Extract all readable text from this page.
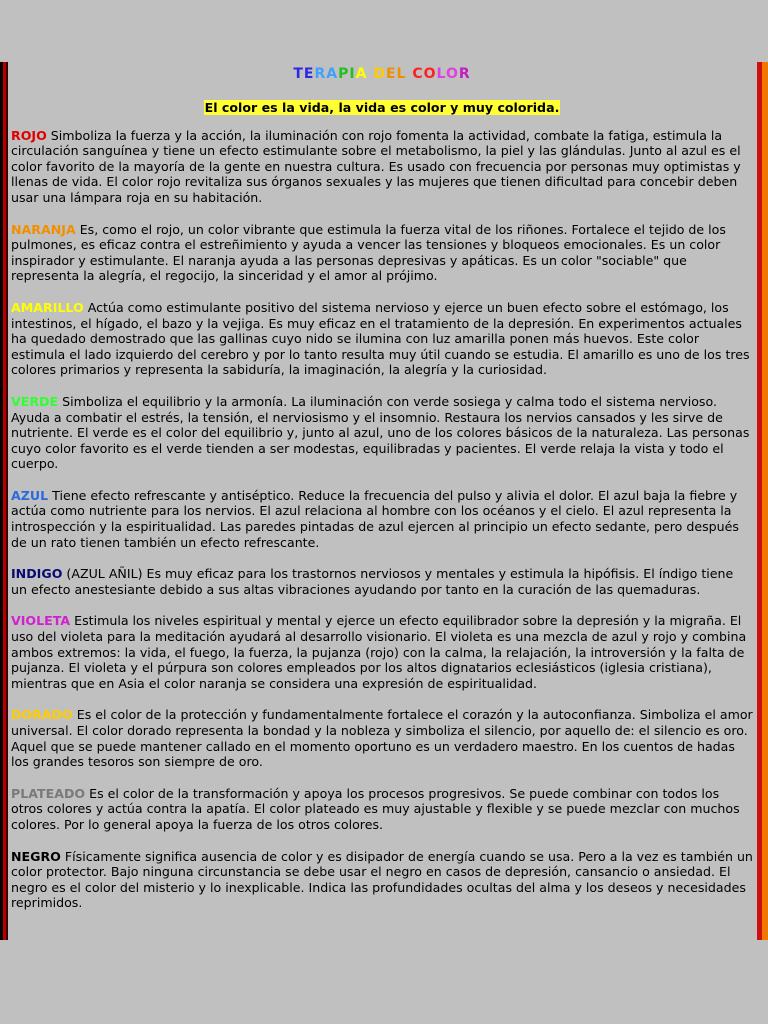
TERAPIA DEL COLOR
El color es la vida, la vida es color y muy colorida.

ROJO Simboliza la fuerza y la acción, la iluminación con rojo fomenta la actividad, combate la fatiga, estimula la circulación sanguínea y tiene un efecto estimulante sobre el metabolismo, la piel y las glándulas. Junto al azul es el color favorito de la mayoría de la gente en nuestra cultura. Es usado con frecuencia por personas muy optimistas y llenas de vida. El color rojo revitaliza sus órganos sexuales y las mujeres que tienen dificultad para concebir deben usar una lámpara roja en su habitación.

NARANJA Es, como el rojo, un color vibrante que estimula la fuerza vital de los riñones. Fortalece el tejido de los pulmones, es eficaz contra el estreñimiento y ayuda a vencer las tensiones y bloqueos emocionales. Es un color inspirador y estimulante. El naranja ayuda a las personas depresivas y apáticas. Es un color "sociable" que representa la alegría, el regocijo, la sinceridad y el amor al prójimo.

AMARILLO Actúa como estimulante positivo del sistema nervioso y ejerce un buen efecto sobre el estómago, los intestinos, el hígado, el bazo y la vejiga. Es muy eficaz en el tratamiento de la depresión. En experimentos actuales ha quedado demostrado que las gallinas cuyo nido se ilumina con luz amarilla ponen más huevos. Este color estimula el lado izquierdo del cerebro y por lo tanto resulta muy útil cuando se estudia. El amarillo es uno de los tres colores primarios y representa la sabiduría, la imaginación, la alegría y la curiosidad.

VERDE Simboliza el equilibrio y la armonía. La iluminación con verde sosiega y calma todo el sistema nervioso. Ayuda a combatir el estrés, la tensión, el nerviosismo y el insomnio. Restaura los nervios cansados y les sirve de nutriente. El verde es el color del equilibrio y, junto al azul, uno de los colores básicos de la naturaleza. Las personas cuyo color favorito es el verde tienden a ser modestas, equilibradas y pacientes. El verde relaja la vista y todo el cuerpo.

AZUL Tiene efecto refrescante y antiséptico. Reduce la frecuencia del pulso y alivia el dolor. El azul baja la fiebre y actúa como nutriente para los nervios. El azul relaciona al hombre con los océanos y el cielo. El azul representa la introspección y la espiritualidad. Las paredes pintadas de azul ejercen al principio un efecto sedante, pero después de un rato tienen también un efecto refrescante.

INDIGO (AZUL AÑIL) Es muy eficaz para los trastornos nerviosos y mentales y estimula la hipófisis. El índigo tiene un efecto anestesiante debido a sus altas vibraciones ayudando por tanto en la curación de las quemaduras.

VIOLETA Estimula los niveles espiritual y mental y ejerce un efecto equilibrador sobre la depresión y la migraña. El uso del violeta para la meditación ayudará al desarrollo visionario. El violeta es una mezcla de azul y rojo y combina ambos extremos: la vida, el fuego, la fuerza, la pujanza (rojo) con la calma, la relajación, la introversión y la falta de pujanza. El violeta y el púrpura son colores empleados por los altos dignatarios eclesiásticos (iglesia cristiana), mientras que en Asia el color naranja se considera una expresión de espiritualidad.

DORADO Es el color de la protección y fundamentalmente fortalece el corazón y la autoconfianza. Simboliza el amor universal. El color dorado representa la bondad y la nobleza y simboliza el silencio, por aquello de: el silencio es oro. Aquel que se puede mantener callado en el momento oportuno es un verdadero maestro. En los cuentos de hadas los grandes tesoros son siempre de oro.

PLATEADO Es el color de la transformación y apoya los procesos progresivos. Se puede combinar con todos los otros colores y actúa contra la apatía. El color plateado es muy ajustable y flexible y se puede mezclar con muchos colores. Por lo general apoya la fuerza de los otros colores.

NEGRO Físicamente significa ausencia de color y es disipador de energía cuando se usa. Pero a la vez es también un color protector. Bajo ninguna circunstancia se debe usar el negro en casos de depresión, cansancio o ansiedad. El negro es el color del misterio y lo inexplicable. Indica las profundidades ocultas del alma y los deseos y necesidades reprimidos.
